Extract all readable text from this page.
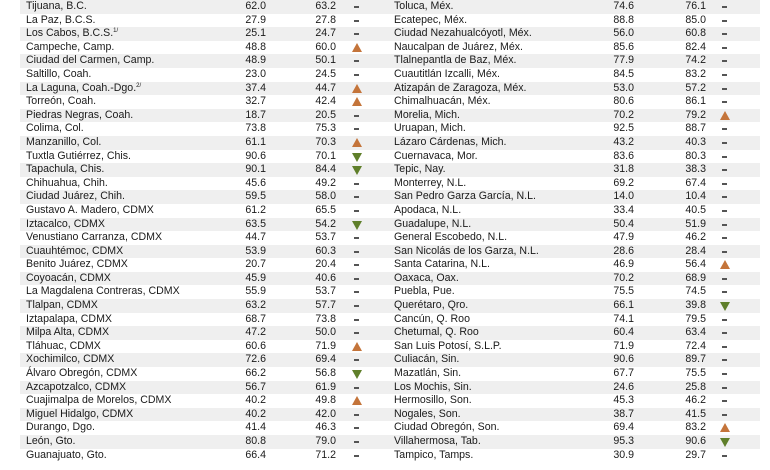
Tijuana, B.C.	62.0	63.2
La Paz, B.C.S.	27.9	27.8
Los Cabos, B.C.S.$^{1/}$	25.1	24.7
Campeche, Camp.	48.8	60.0
Ciudad del Carmen, Camp.	48.9	50.1
Saltillo, Coah.	23.0	24.5
La Laguna, Coah.-Dgo.$^{2/}$	37.4	44.7
Torreón, Coah.	32.7	42.4
Piedras Negras, Coah.	18.7	20.5
Colima, Col.	73.8	75.3
Manzanillo, Col.	61.1	70.3
Tuxtla Gutiérrez, Chis.	90.6	70.1
Tapachula, Chis.	90.1	84.4
Chihuahua, Chih.	45.6	49.2
Ciudad Juárez, Chih.	59.5	58.0
Gustavo A. Madero, CDMX	61.2	65.5
Iztacalco, CDMX	63.5	54.2
Venustiano Carranza, CDMX	44.7	53.7
Cuauhtémoc, CDMX	53.9	60.3
Benito Juárez, CDMX	20.7	20.4
Coyoacán, CDMX	45.9	40.6
La Magdalena Contreras, CDMX	55.9	53.7
Tlalpan, CDMX	63.2	57.7
Iztapalapa, CDMX	68.7	73.8
Milpa Alta, CDMX	47.2	50.0
Tláhuac, CDMX	60.6	71.9
Xochimilco, CDMX	72.6	69.4
Álvaro Obregón, CDMX	66.2	56.8
Azcapotzalco, CDMX	56.7	61.9
Cuajimalpa de Morelos, CDMX	40.2	49.8
Miguel Hidalgo, CDMX	40.2	42.0
Durango, Dgo.	41.4	46.3
León, Gto.	80.8	79.0
Guanajuato, Gto.	66.4	71.2
Toluca, Méx.	74.6	76.1
Ecatepec, Méx.	88.8	85.0
Ciudad Nezahualcóyotl, Méx.	56.0	60.8
Naucalpan de Juárez, Méx.	85.6	82.4
Tlalnepantla de Baz, Méx.	77.9	74.2
Cuautitlán Izcalli, Méx.	84.5	83.2
Atizapán de Zaragoza, Méx.	53.0	57.2
Chimalhuacán, Méx.	80.6	86.1
Morelia, Mich.	70.2	79.2
Uruapan, Mich.	92.5	88.7
Lázaro Cárdenas, Mich.	43.2	40.3
Cuernavaca, Mor.	83.6	80.3
Tepic, Nay.	31.8	38.3
Monterrey, N.L.	69.2	67.4
San Pedro Garza García, N.L.	14.0	10.4
Apodaca, N.L.	33.4	40.5
Guadalupe, N.L.	50.4	51.9
General Escobedo, N.L.	47.9	46.2
San Nicolás de los Garza, N.L.	28.6	28.4
Santa Catarina, N.L.	46.9	56.4
Oaxaca, Oax.	70.2	68.9
Puebla, Pue.	75.5	74.5
Querétaro, Qro.	66.1	39.8
Cancún, Q. Roo	74.1	79.5
Chetumal, Q. Roo	60.4	63.4
San Luis Potosí, S.L.P.	71.9	72.4
Culiacán, Sin.	90.6	89.7
Mazatlán, Sin.	67.7	75.5
Los Mochis, Sin.	24.6	25.8
Hermosillo, Son.	45.3	46.2
Nogales, Son.	38.7	41.5
Ciudad Obregón, Son.	69.4	83.2
Villahermosa, Tab.	95.3	90.6
Tampico, Tamps.	30.9	29.7
